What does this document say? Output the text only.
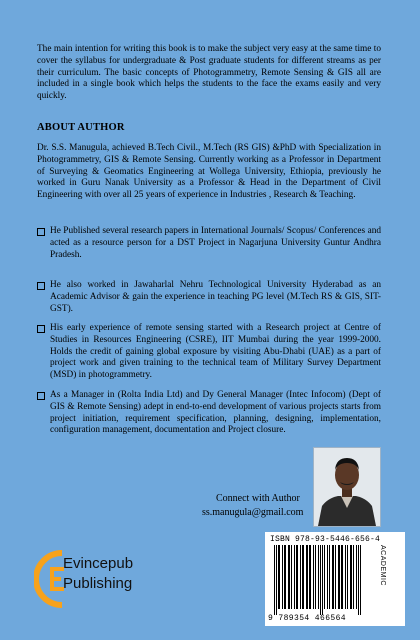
The main intention for writing this book is to make the subject very easy at the same time to cover the syllabus for undergraduate & Post graduate students for different streams as per their curriculum. The basic concepts of Photogrammetry, Remote Sensing & GIS all are included in a single book which helps the students to the face the exams easily and very quickly.

ABOUT AUTHOR

Dr. S.S. Manugula, achieved B.Tech Civil., M.Tech (RS GIS) &PhD with Specialization in Photogrammetry, GIS & Remote Sensing. Currently working as a Professor in Department of Surveying & Geomatics Engineering at Wollega University, Ethiopia, previously he worked in Guru Nanak University as a Professor & Head in the Department of Civil Engineering with over all 25 years of experience in Industries , Research & Teaching.

He Published several research papers in International Journals/ Scopus/ Conferences and acted as a resource person for a DST Project in Nagarjuna University Guntur Andhra Pradesh.
He also worked in Jawaharlal Nehru Technological University Hyderabad as an Academic Advisor & gain the experience in teaching PG level (M.Tech RS & GIS, SIT-GST).
His early experience of remote sensing started with a Research project at Centre of Studies in Resources Engineering (CSRE), IIT Mumbai during the year 1999-2000. Holds the credit of gaining global exposure by visiting Abu-Dhabi (UAE) as a part of project work and given training to the technical team of Military Survey Department (MSD) in photogrammetry.
As a Manager in (Rolta India Ltd) and Dy General Manager (Intec Infocom) (Dept of GIS & Remote Sensing) adept in end-to-end development of various projects starts from project initiation, requirement specification, planning, designing, implementation, configuration management, documentation and Project closure.
Connect with Author
ss.manugula@gmail.com
Evincepub
Publishing
ISBN 978-93-5446-656-4
ACADEMIC
9 789354 466564
